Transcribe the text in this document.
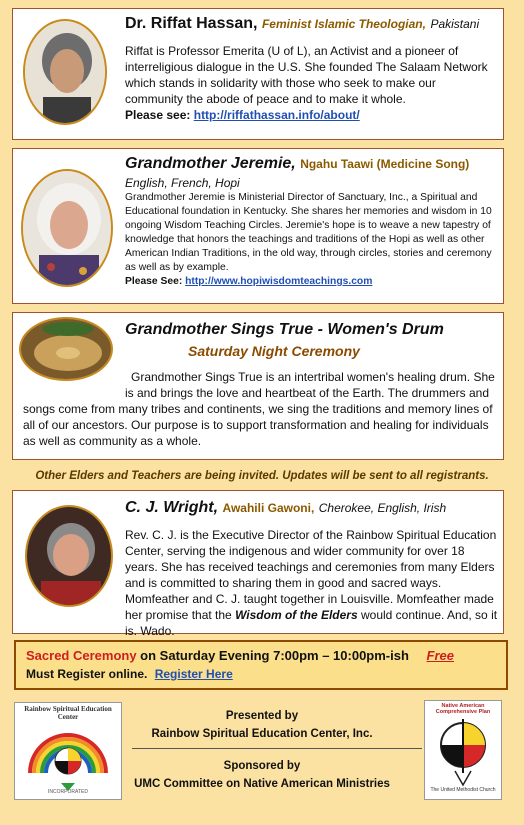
Dr. Riffat Hassan, Feminist Islamic Theologian, Pakistani

Riffat is Professor Emerita (U of L), an Activist and a pioneer of interreligious dialogue in the U.S. She founded The Salaam Network which stands in solidarity with those who seek to make our community the abode of peace and to make it whole.

Please see: http://riffathassan.info/about/

Grandmother Jeremie, Ngahu Taawi (Medicine Song)

English, French, Hopi

Grandmother Jeremie is Ministerial Director of Sanctuary, Inc., a Spiritual and Educational foundation in Kentucky. She shares her memories and wisdom in 10 ongoing Wisdom Teaching Circles. Jeremie's hope is to weave a new tapestry of knowledge that honors the teachings and traditions of the Hopi as well as other American Indian Traditions, in the old way, through circles, stories and ceremony as well as by example.

Please See: http://www.hopiwisdomteachings.com

Grandmother Sings True - Women's Drum

Saturday Night Ceremony

Grandmother Sings True is an intertribal women's healing drum. She is and brings the love and heartbeat of the Earth. The drummers and

songs come from many tribes and continents, we sing the traditions and memory lines of all of our ancestors. Our purpose is to support transformation and healing for individuals as well as community as a whole.

Other Elders and Teachers are being invited. Updates will be sent to all registrants.

C. J. Wright, Awahili Gawoni, Cherokee, English, Irish

Rev. C. J. is the Executive Director of the Rainbow Spiritual Education Center, serving the indigenous and wider community for over 18 years. She has received teachings and ceremonies from many Elders and is committed to sharing them in good and sacred ways. Momfeather and C. J. taught together in Louisville. Momfeather made her promise that the Wisdom of the Elders would continue. And, so it is. Wado.

Sacred Ceremony on Saturday Evening 7:00pm – 10:00pm-ish Free

Must Register online. Register Here

Rainbow Spiritual Education Center
INCORPORATED

Presented by

Rainbow Spiritual Education Center, Inc.

Sponsored by

UMC Committee on Native American Ministries

Native American Comprehensive Plan
The United Methodist Church
